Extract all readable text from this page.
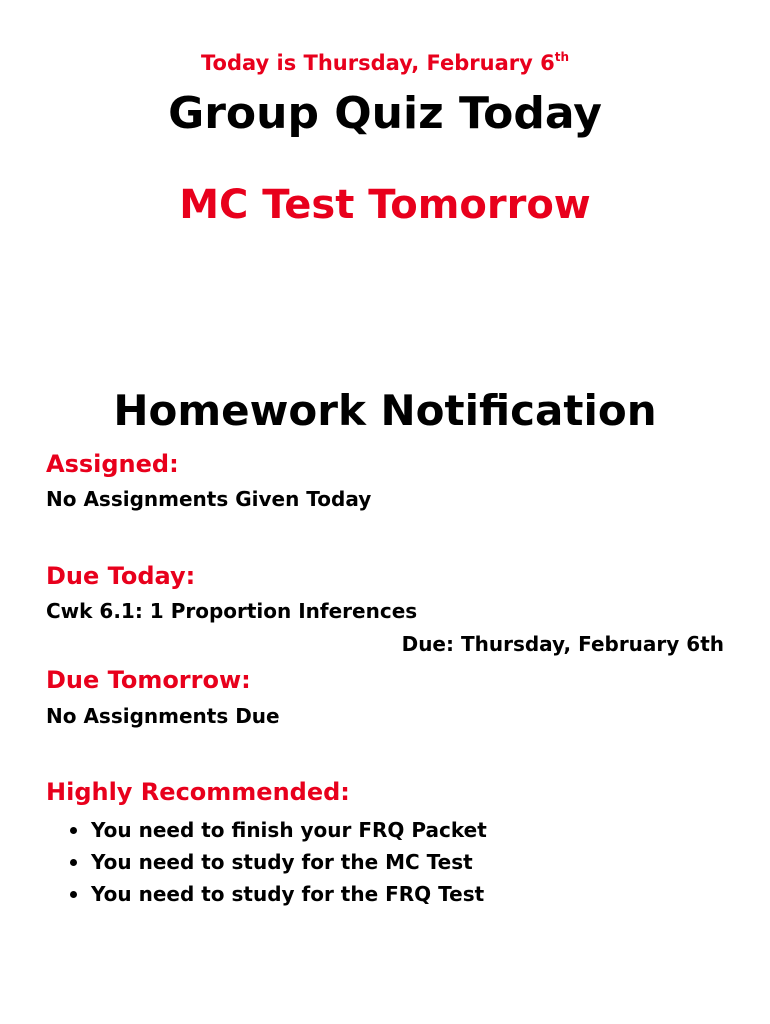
Today is Thursday, February 6th
Group Quiz Today
MC Test Tomorrow
Homework Notification
Assigned:
No Assignments Given Today
Due Today:
Cwk 6.1: 1 Proportion Inferences
Due: Thursday, February 6th
Due Tomorrow:
No Assignments Due
Highly Recommended:
You need to finish your FRQ Packet
You need to study for the MC Test
You need to study for the FRQ Test
